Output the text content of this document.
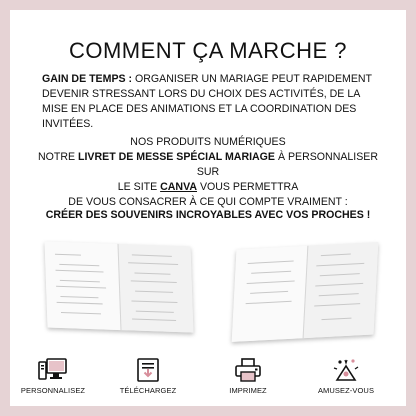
COMMENT ÇA MARCHE ?
GAIN DE TEMPS : ORGANISER UN MARIAGE PEUT RAPIDEMENT DEVENIR STRESSANT LORS DU CHOIX DES ACTIVITÉS, DE LA MISE EN PLACE DES ANIMATIONS ET LA COORDINATION DES INVITÉES.
NOS PRODUITS NUMÉRIQUES
NOTRE LIVRET DE MESSE SPÉCIAL MARIAGE À PERSONNALISER SUR
LE SITE CANVA VOUS PERMETTRA
DE VOUS CONSACRER À CE QUI COMPTE VRAIMENT :
CRÉER DES SOUVENIRS INCROYABLES AVEC VOS PROCHES !
PERSONNALISEZ	TÉLÉCHARGEZ	IMPRIMEZ	AMUSEZ-VOUS
